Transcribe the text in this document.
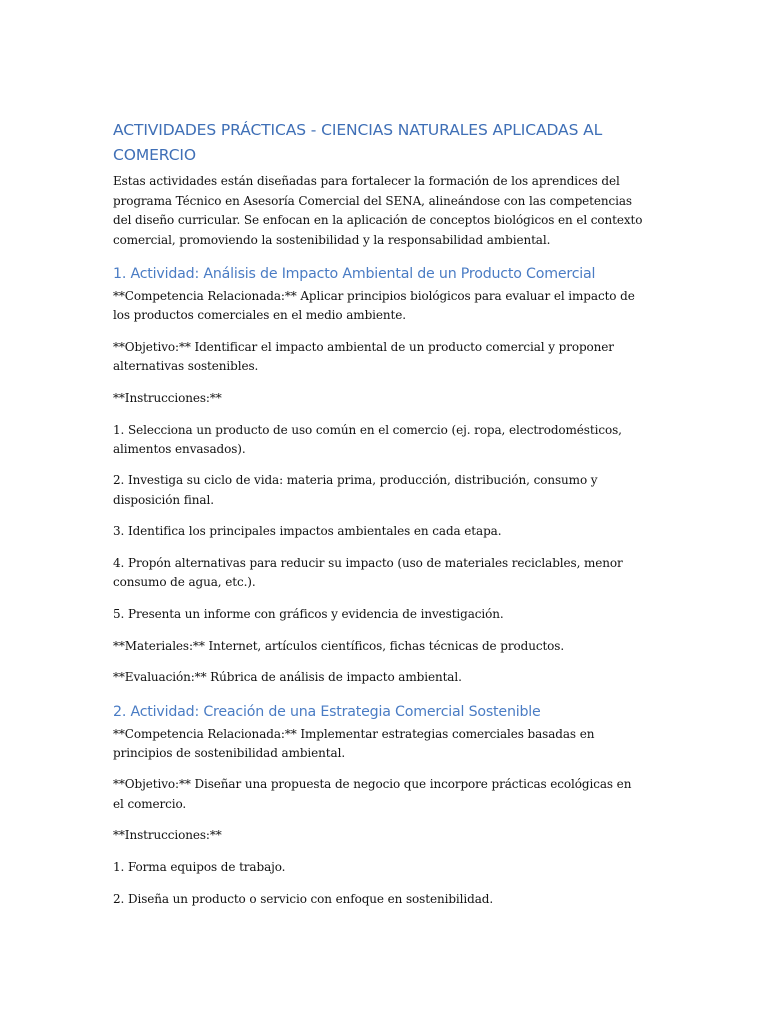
ACTIVIDADES PRÁCTICAS - CIENCIAS NATURALES APLICADAS AL COMERCIO

Estas actividades están diseñadas para fortalecer la formación de los aprendices del programa Técnico en Asesoría Comercial del SENA, alineándose con las competencias del diseño curricular. Se enfocan en la aplicación de conceptos biológicos en el contexto comercial, promoviendo la sostenibilidad y la responsabilidad ambiental.

1. Actividad: Análisis de Impacto Ambiental de un Producto Comercial

**Competencia Relacionada:** Aplicar principios biológicos para evaluar el impacto de los productos comerciales en el medio ambiente.

**Objetivo:** Identificar el impacto ambiental de un producto comercial y proponer alternativas sostenibles.

**Instrucciones:**

1. Selecciona un producto de uso común en el comercio (ej. ropa, electrodomésticos, alimentos envasados).

2. Investiga su ciclo de vida: materia prima, producción, distribución, consumo y disposición final.

3. Identifica los principales impactos ambientales en cada etapa.

4. Propón alternativas para reducir su impacto (uso de materiales reciclables, menor consumo de agua, etc.).

5. Presenta un informe con gráficos y evidencia de investigación.

**Materiales:** Internet, artículos científicos, fichas técnicas de productos.

**Evaluación:** Rúbrica de análisis de impacto ambiental.

2. Actividad: Creación de una Estrategia Comercial Sostenible

**Competencia Relacionada:** Implementar estrategias comerciales basadas en principios de sostenibilidad ambiental.

**Objetivo:** Diseñar una propuesta de negocio que incorpore prácticas ecológicas en el comercio.

**Instrucciones:**

1. Forma equipos de trabajo.

2. Diseña un producto o servicio con enfoque en sostenibilidad.
